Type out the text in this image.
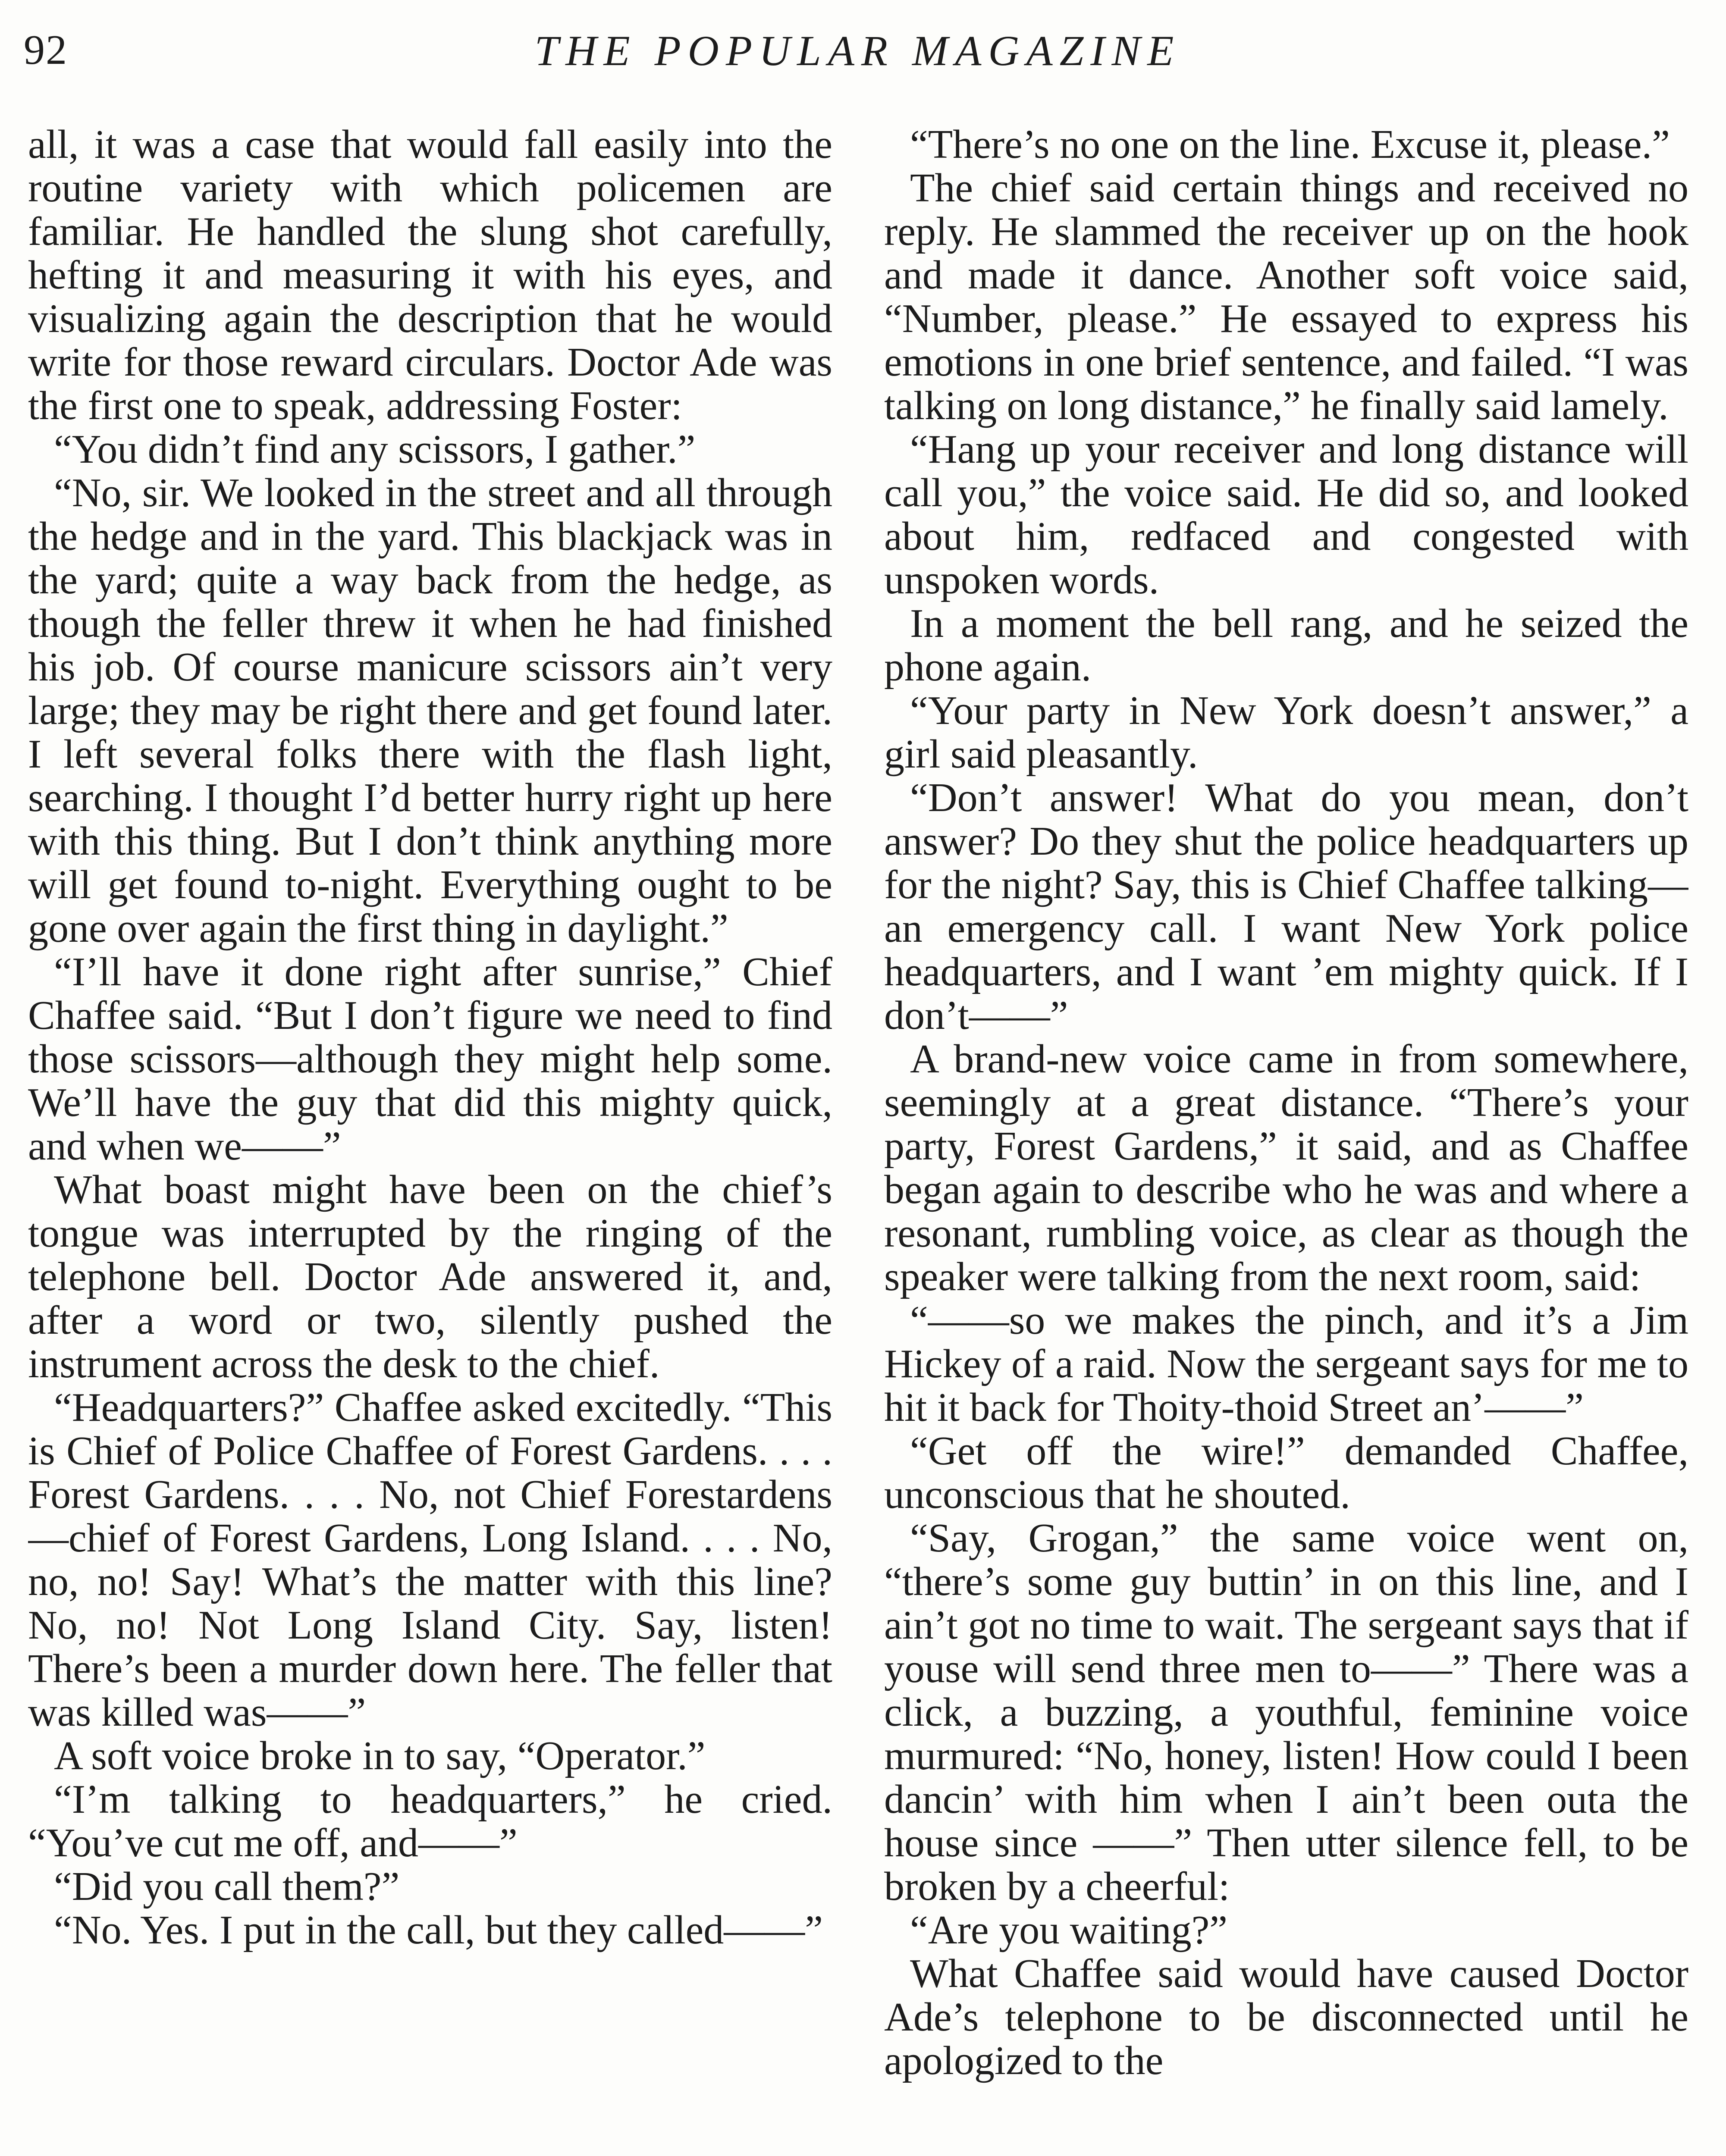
92	THE POPULAR MAGAZINE

all, it was a case that would fall easily into the routine variety with which policemen are familiar. He handled the slung shot carefully, hefting it and measuring it with his eyes, and visualizing again the description that he would write for those reward circulars. Doctor Ade was the first one to speak, addressing Foster:

“You didn’t find any scissors, I gather.”

“No, sir. We looked in the street and all through the hedge and in the yard. This blackjack was in the yard; quite a way back from the hedge, as though the feller threw it when he had finished his job. Of course manicure scissors ain’t very large; they may be right there and get found later. I left several folks there with the flash light, searching. I thought I’d better hurry right up here with this thing. But I don’t think anything more will get found to-night. Everything ought to be gone over again the first thing in daylight.”

“I’ll have it done right after sunrise,” Chief Chaffee said. “But I don’t figure we need to find those scissors—although they might help some. We’ll have the guy that did this mighty quick, and when we——”

What boast might have been on the chief’s tongue was interrupted by the ringing of the telephone bell. Doctor Ade answered it, and, after a word or two, silently pushed the instrument across the desk to the chief.

“Headquarters?” Chaffee asked excitedly. “This is Chief of Police Chaffee of Forest Gardens. . . . Forest Gardens. . . . No, not Chief Forestardens—chief of Forest Gardens, Long Island. . . . No, no, no! Say! What’s the matter with this line? No, no! Not Long Island City. Say, listen! There’s been a murder down here. The feller that was killed was——”

A soft voice broke in to say, “Operator.”

“I’m talking to headquarters,” he cried. “You’ve cut me off, and——”

“Did you call them?”

“No. Yes. I put in the call, but they called——”

“There’s no one on the line. Excuse it, please.”

The chief said certain things and received no reply. He slammed the receiver up on the hook and made it dance. Another soft voice said, “Number, please.” He essayed to express his emotions in one brief sentence, and failed. “I was talking on long distance,” he finally said lamely.

“Hang up your receiver and long distance will call you,” the voice said. He did so, and looked about him, redfaced and congested with unspoken words.

In a moment the bell rang, and he seized the phone again.

“Your party in New York doesn’t answer,” a girl said pleasantly.

“Don’t answer! What do you mean, don’t answer? Do they shut the police headquarters up for the night? Say, this is Chief Chaffee talking—an emergency call. I want New York police headquarters, and I want ’em mighty quick. If I don’t——”

A brand-new voice came in from somewhere, seemingly at a great distance. “There’s your party, Forest Gardens,” it said, and as Chaffee began again to describe who he was and where a resonant, rumbling voice, as clear as though the speaker were talking from the next room, said:

“——so we makes the pinch, and it’s a Jim Hickey of a raid. Now the sergeant says for me to hit it back for Thoity-thoid Street an’——”

“Get off the wire!” demanded Chaffee, unconscious that he shouted.

“Say, Grogan,” the same voice went on, “there’s some guy buttin’ in on this line, and I ain’t got no time to wait. The sergeant says that if youse will send three men to——” There was a click, a buzzing, a youthful, feminine voice murmured: “No, honey, listen! How could I been dancin’ with him when I ain’t been outa the house since ——” Then utter silence fell, to be broken by a cheerful:

“Are you waiting?”

What Chaffee said would have caused Doctor Ade’s telephone to be disconnected until he apologized to the
